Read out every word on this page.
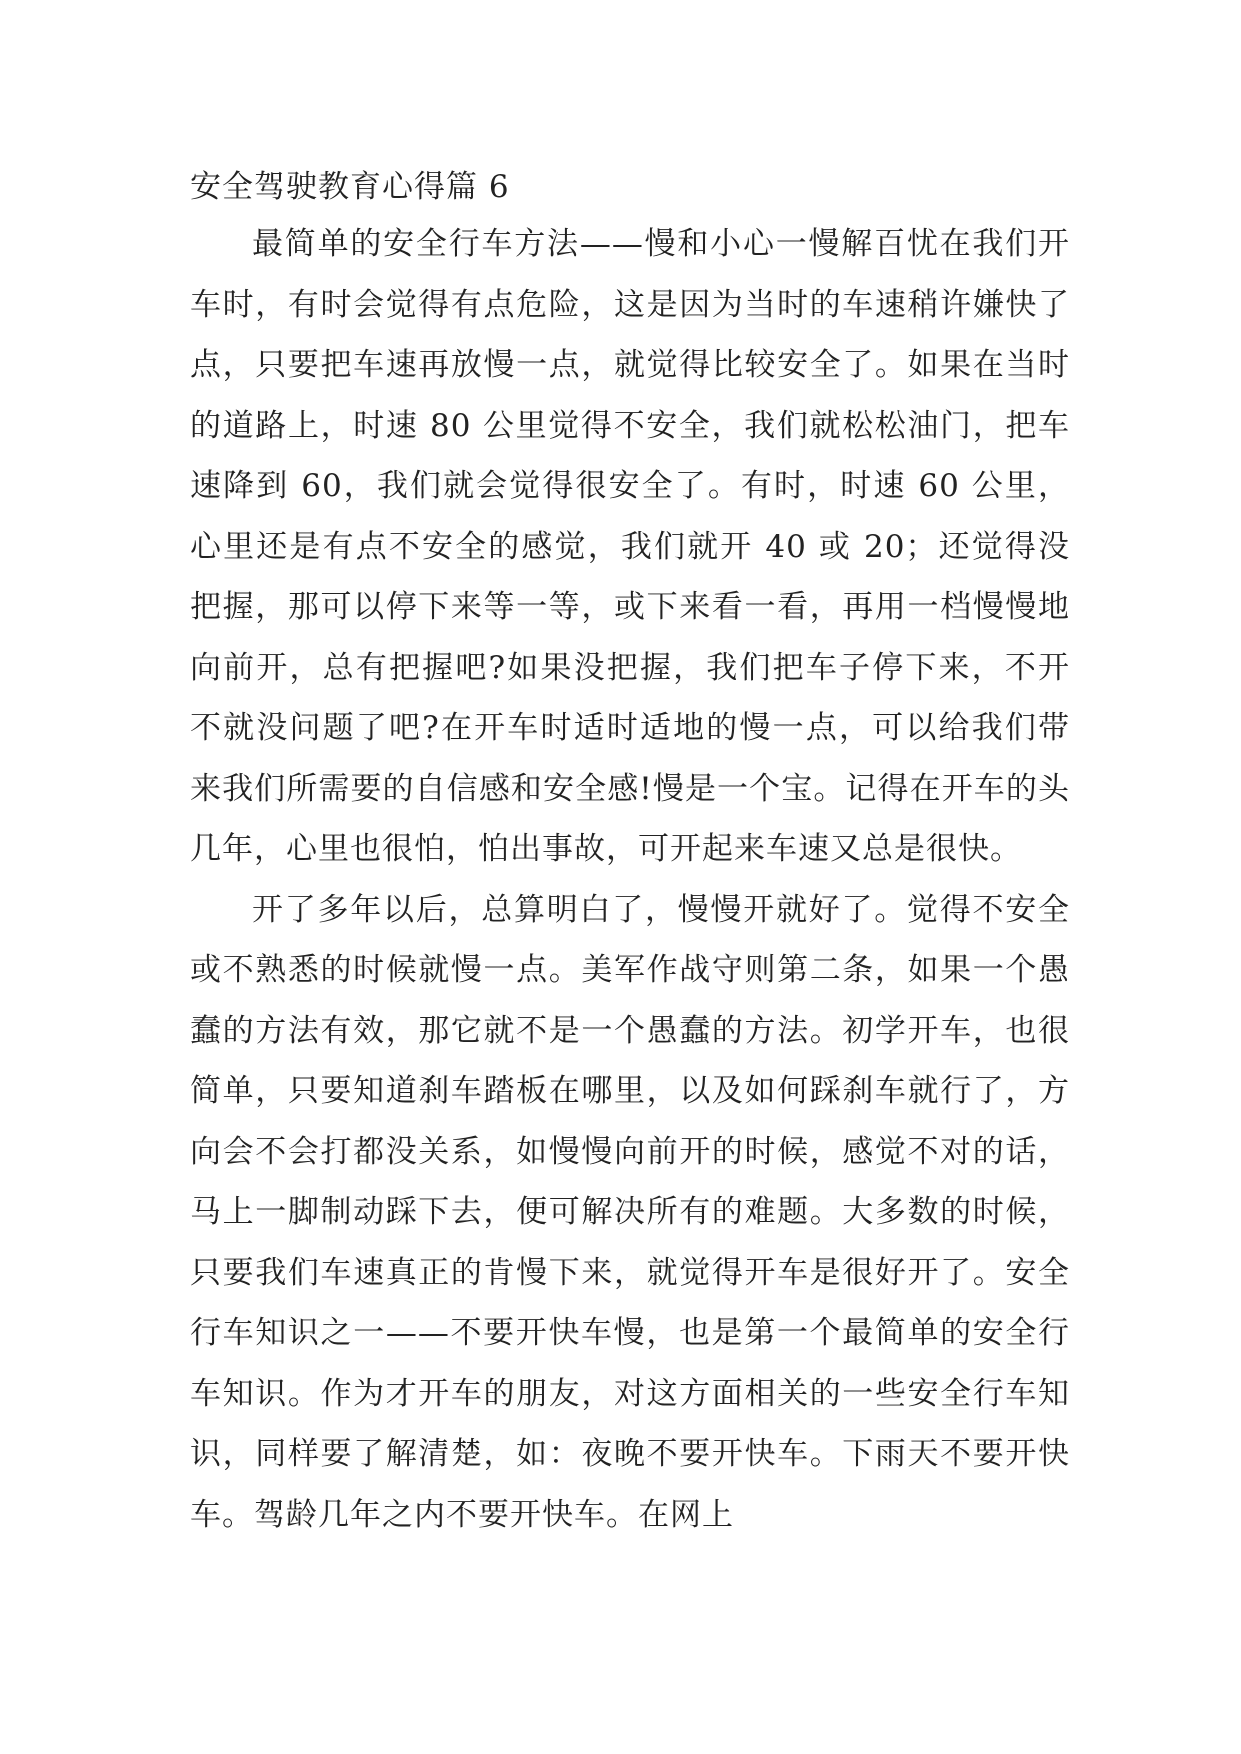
安全驾驶教育心得篇 6

最简单的安全行车方法——慢和小心一慢解百忧在我们开车时，有时会觉得有点危险，这是因为当时的车速稍许嫌快了点，只要把车速再放慢一点，就觉得比较安全了。如果在当时的道路上，时速 80 公里觉得不安全，我们就松松油门，把车速降到 60，我们就会觉得很安全了。有时，时速 60 公里，心里还是有点不安全的感觉，我们就开 40 或 20；还觉得没把握，那可以停下来等一等，或下来看一看，再用一档慢慢地向前开，总有把握吧?如果没把握，我们把车子停下来，不开不就没问题了吧?在开车时适时适地的慢一点，可以给我们带来我们所需要的自信感和安全感!慢是一个宝。记得在开车的头几年，心里也很怕，怕出事故，可开起来车速又总是很快。

开了多年以后，总算明白了，慢慢开就好了。觉得不安全或不熟悉的时候就慢一点。美军作战守则第二条，如果一个愚蠢的方法有效，那它就不是一个愚蠢的方法。初学开车，也很简单，只要知道刹车踏板在哪里，以及如何踩刹车就行了，方向会不会打都没关系，如慢慢向前开的时候，感觉不对的话，马上一脚制动踩下去，便可解决所有的难题。大多数的时候，只要我们车速真正的肯慢下来，就觉得开车是很好开了。安全行车知识之一——不要开快车慢，也是第一个最简单的安全行车知识。作为才开车的朋友，对这方面相关的一些安全行车知识，同样要了解清楚，如：夜晚不要开快车。下雨天不要开快车。驾龄几年之内不要开快车。在网上
